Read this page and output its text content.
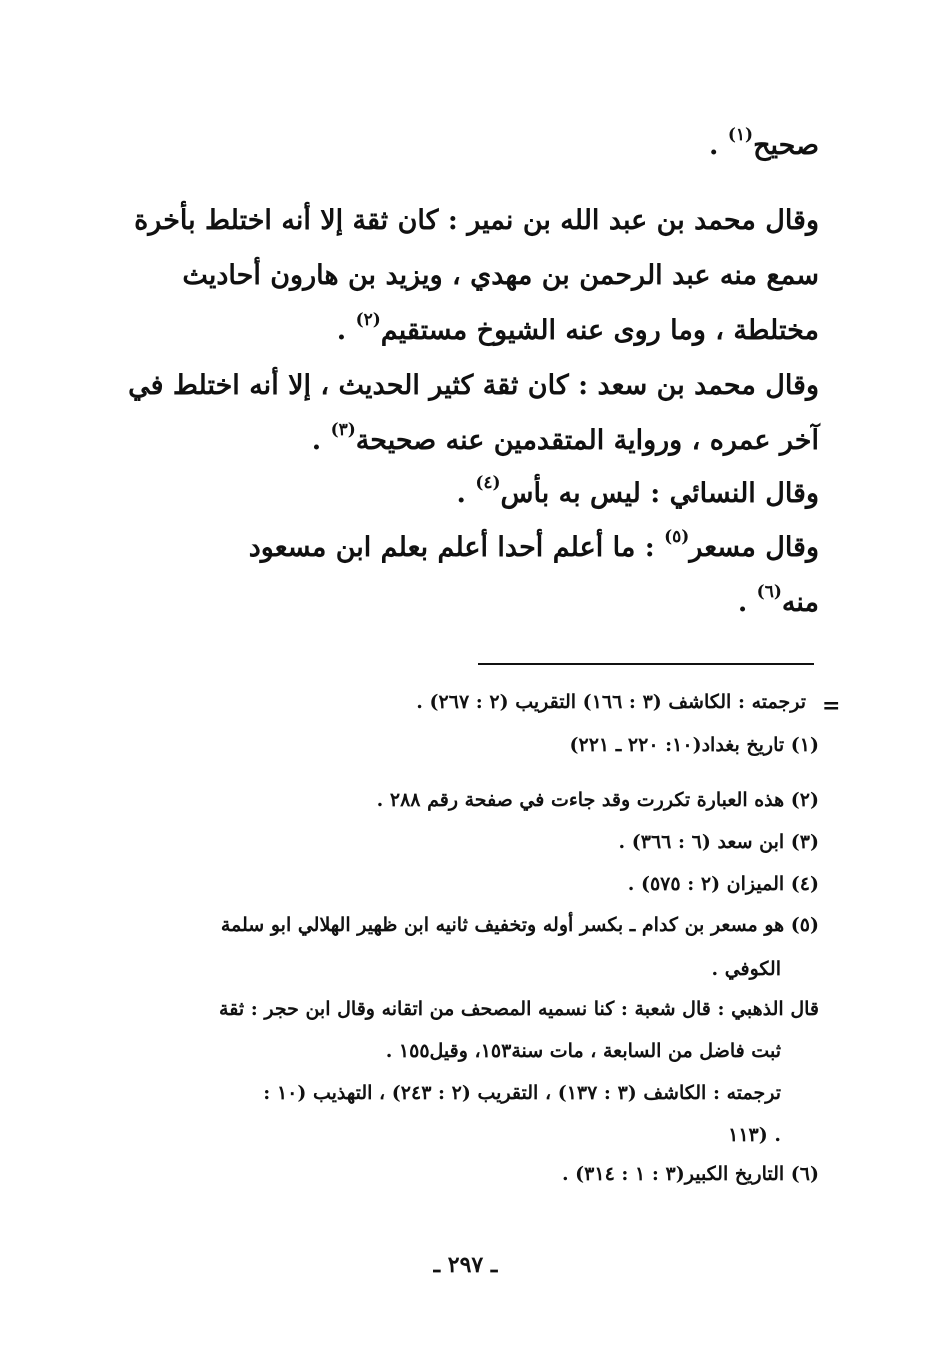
صحيح$^{(١)}$ .
وقال محمد بن عبد الله بن نمير : كان ثقة إلا أنه اختلط بأخرة
سمع منه عبد الرحمن بن مهدي ، ويزيد بن هارون أحاديث
مختلطة ، وما روى عنه الشيوخ مستقيم$^{(٢)}$ .
وقال محمد بن سعد : كان ثقة كثير الحديث ، إلا أنه اختلط في
آخر عمره ، ورواية المتقدمين عنه صحيحة$^{(٣)}$ .
وقال النسائي : ليس به بأس$^{(٤)}$ .
وقال مسعر$^{(٥)}$ : ما أعلم أحدا أعلم بعلم ابن مسعود
منه$^{(٦)}$ .
=
ترجمته : الكاشف (٣ : ١٦٦) التقريب (٢ : ٢٦٧) .
(١) تاريخ بغداد(١٠: ٢٢٠ ـ ٢٢١)
(٢) هذه العبارة تكررت وقد جاءت في صفحة رقم ٢٨٨ .
(٣) ابن سعد (٦ : ٣٦٦) .
(٤) الميزان (٢ : ٥٧٥) .
(٥) هو مسعر بن كدام ـ بكسر أوله وتخفيف ثانيه ابن ظهير الهلالي ابو سلمة
الكوفي .
قال الذهبي : قال شعبة : كنا نسميه المصحف من اتقانه وقال ابن حجر : ثقة
ثبت فاضل من السابعة ، مات سنة١٥٣، وقيل١٥٥ .
ترجمته : الكاشف (٣ : ١٣٧) ، التقريب (٢ : ٢٤٣) ، التهذيب (١٠ :
١١٣) .
(٦) التاريخ الكبير(٣ : ١ : ٣١٤) .
ـ ٢٩٧ ـ
